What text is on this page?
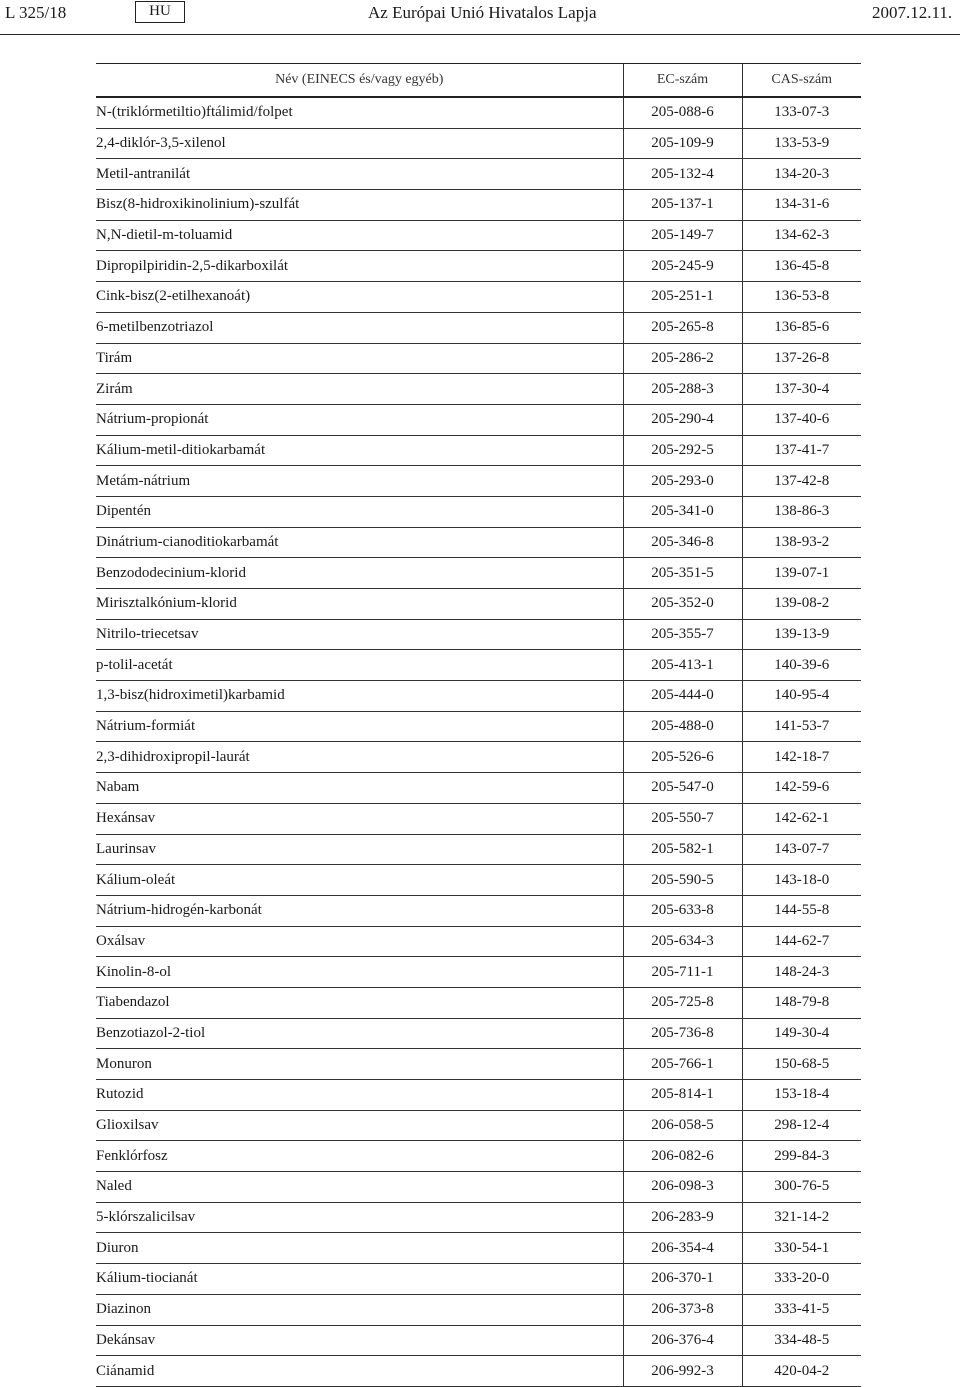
L 325/18	HU	Az Európai Unió Hivatalos Lapja	2007.12.11.
Név (EINECS és/vagy egyéb)	EC-szám	CAS-szám
N-(triklórmetiltio)ftálimid/folpet	205-088-6	133-07-3
2,4-diklór-3,5-xilenol	205-109-9	133-53-9
Metil-antranilát	205-132-4	134-20-3
Bisz(8-hidroxikinolinium)-szulfát	205-137-1	134-31-6
N,N-dietil-m-toluamid	205-149-7	134-62-3
Dipropilpiridin-2,5-dikarboxilát	205-245-9	136-45-8
Cink-bisz(2-etilhexanoát)	205-251-1	136-53-8
6-metilbenzotriazol	205-265-8	136-85-6
Tirám	205-286-2	137-26-8
Zirám	205-288-3	137-30-4
Nátrium-propionát	205-290-4	137-40-6
Kálium-metil-ditiokarbamát	205-292-5	137-41-7
Metám-nátrium	205-293-0	137-42-8
Dipentén	205-341-0	138-86-3
Dinátrium-cianoditiokarbamát	205-346-8	138-93-2
Benzododecinium-klorid	205-351-5	139-07-1
Mirisztalkónium-klorid	205-352-0	139-08-2
Nitrilo-triecetsav	205-355-7	139-13-9
p-tolil-acetát	205-413-1	140-39-6
1,3-bisz(hidroximetil)karbamid	205-444-0	140-95-4
Nátrium-formiát	205-488-0	141-53-7
2,3-dihidroxipropil-laurát	205-526-6	142-18-7
Nabam	205-547-0	142-59-6
Hexánsav	205-550-7	142-62-1
Laurinsav	205-582-1	143-07-7
Kálium-oleát	205-590-5	143-18-0
Nátrium-hidrogén-karbonát	205-633-8	144-55-8
Oxálsav	205-634-3	144-62-7
Kinolin-8-ol	205-711-1	148-24-3
Tiabendazol	205-725-8	148-79-8
Benzotiazol-2-tiol	205-736-8	149-30-4
Monuron	205-766-1	150-68-5
Rutozid	205-814-1	153-18-4
Glioxilsav	206-058-5	298-12-4
Fenklórfosz	206-082-6	299-84-3
Naled	206-098-3	300-76-5
5-klórszalicilsav	206-283-9	321-14-2
Diuron	206-354-4	330-54-1
Kálium-tiocianát	206-370-1	333-20-0
Diazinon	206-373-8	333-41-5
Dekánsav	206-376-4	334-48-5
Ciánamid	206-992-3	420-04-2
